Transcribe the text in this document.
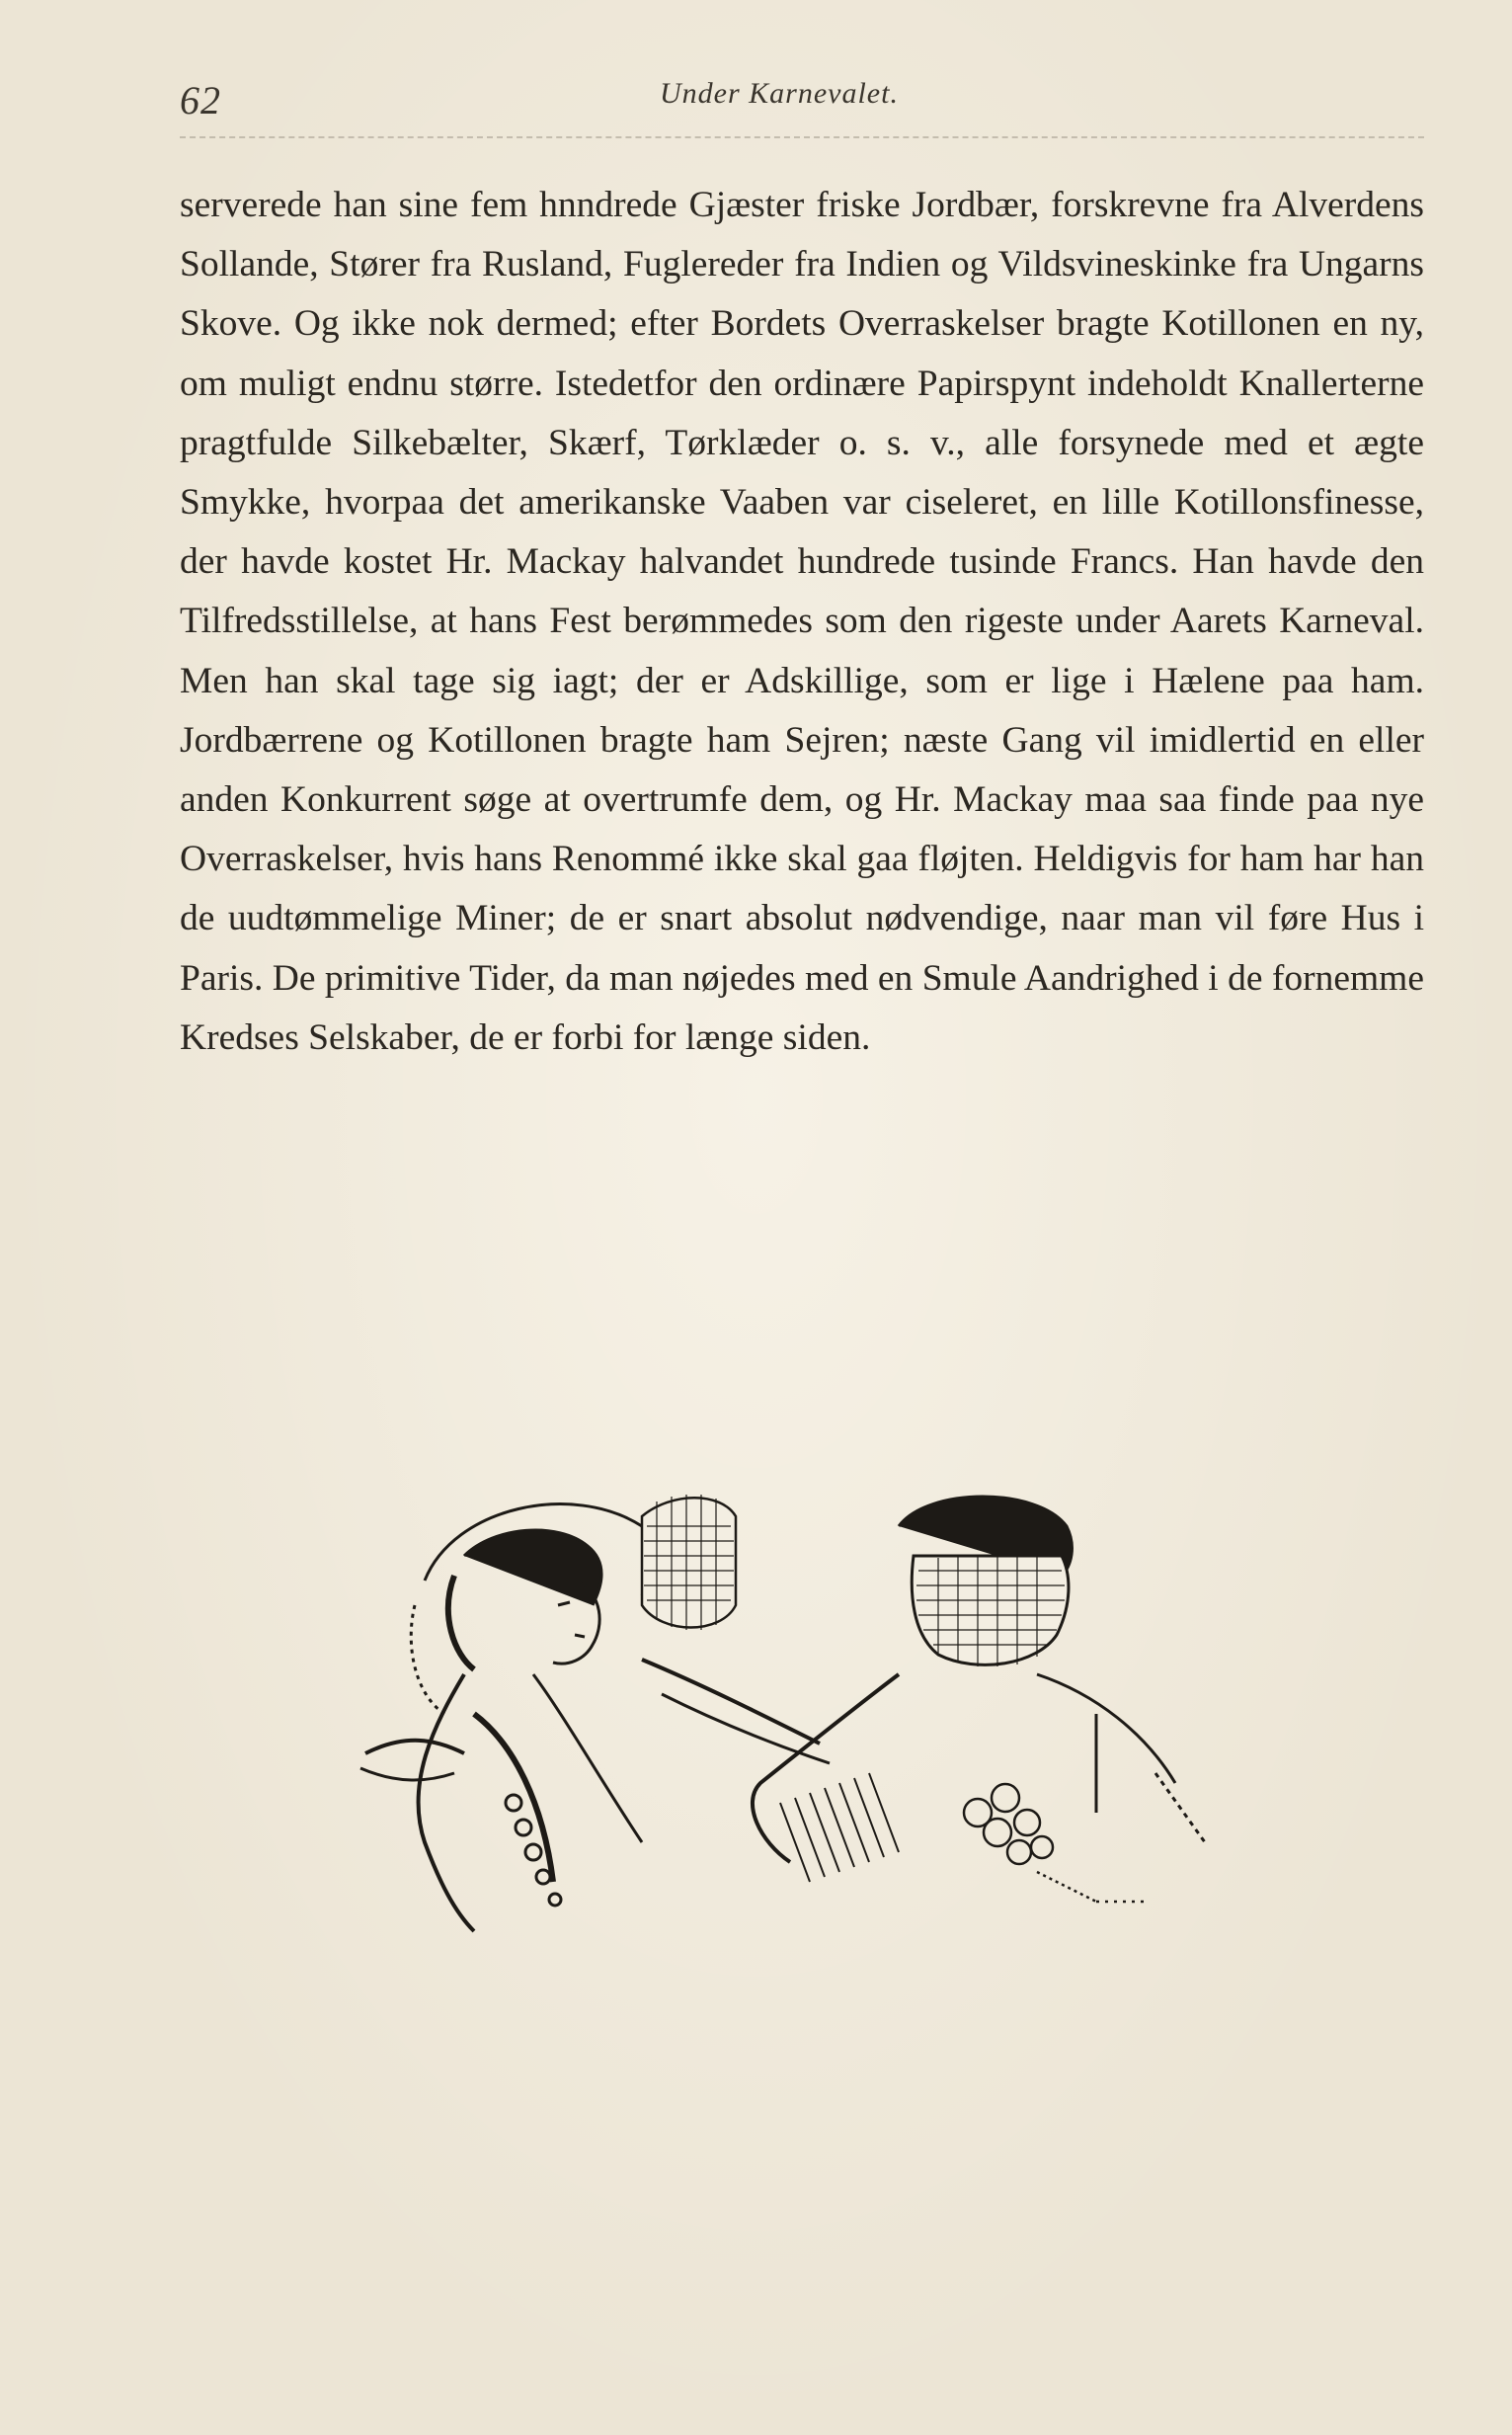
62	Under Karnevalet.

serverede han sine fem hnndrede Gjæster friske Jordbær, forskrevne fra Alverdens Sollande, Stører fra Rusland, Fuglereder fra Indien og Vildsvineskinke fra Ungarns Skove. Og ikke nok dermed; efter Bordets Overraskelser bragte Kotillonen en ny, om muligt endnu større. Istedetfor den ordinære Papirspynt indeholdt Knallerterne pragtfulde Silkebælter, Skærf, Tørklæder o. s. v., alle forsynede med et ægte Smykke, hvorpaa det amerikanske Vaaben var ciseleret, en lille Kotillonsfinesse, der havde kostet Hr. Mackay halvandet hundrede tusinde Francs. Han havde den Tilfredsstillelse, at hans Fest berømmedes som den rigeste under Aarets Karneval. Men han skal tage sig iagt; der er Adskillige, som er lige i Hælene paa ham. Jordbærrene og Kotillonen bragte ham Sejren; næste Gang vil imidlertid en eller anden Konkurrent søge at overtrumfe dem, og Hr. Mackay maa saa finde paa nye Overraskelser, hvis hans Renommé ikke skal gaa fløjten. Heldigvis for ham har han de uudtømmelige Miner; de er snart absolut nødvendige, naar man vil føre Hus i Paris. De primitive Tider, da man nøjedes med en Smule Aandrighed i de fornemme Kredses Selskaber, de er forbi for længe siden.
